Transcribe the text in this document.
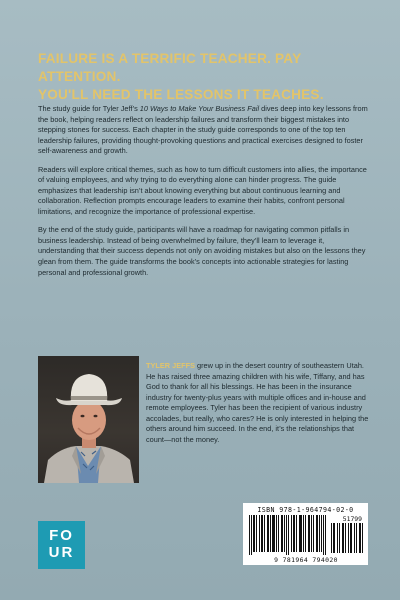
FAILURE IS A TERRIFIC TEACHER. PAY ATTENTION.
YOU'LL NEED THE LESSONS IT TEACHES.

The study guide for Tyler Jeff’s 10 Ways to Make Your Business Fail dives deep into key lessons from the book, helping readers reflect on leadership failures and transform their biggest mistakes into stepping stones for success. Each chapter in the study guide corresponds to one of the top ten leadership failures, providing thought-provoking questions and practical exercises designed to foster self-awareness and growth.

Readers will explore critical themes, such as how to turn difficult customers into allies, the importance of valuing employees, and why trying to do everything alone can hinder progress. The guide emphasizes that leadership isn’t about knowing everything but about continuous learning and collaboration. Reflection prompts encourage leaders to examine their habits, confront personal limitations, and recognize the importance of professional expertise.

By the end of the study guide, participants will have a roadmap for navigating common pitfalls in business leadership. Instead of being overwhelmed by failure, they’ll learn to leverage it, understanding that their success depends not only on avoiding mistakes but also on the lessons they glean from them. The guide transforms the book’s concepts into actionable strategies for lasting personal and professional growth.

TYLER JEFFS grew up in the desert country of southeastern Utah. He has raised three amazing children with his wife, Tiffany, and has God to thank for all his blessings. He has been in the insurance industry for twenty-plus years with multiple offices and in-house and remote employees. Tyler has been the recipient of various industry accolades, but really, who cares? He is only interested in helping the others around him succeed. In the end, it’s the relationships that count—not the money.

ISBN 978-1-964794-02-0
51799
9 781964 794020
FO
UR
